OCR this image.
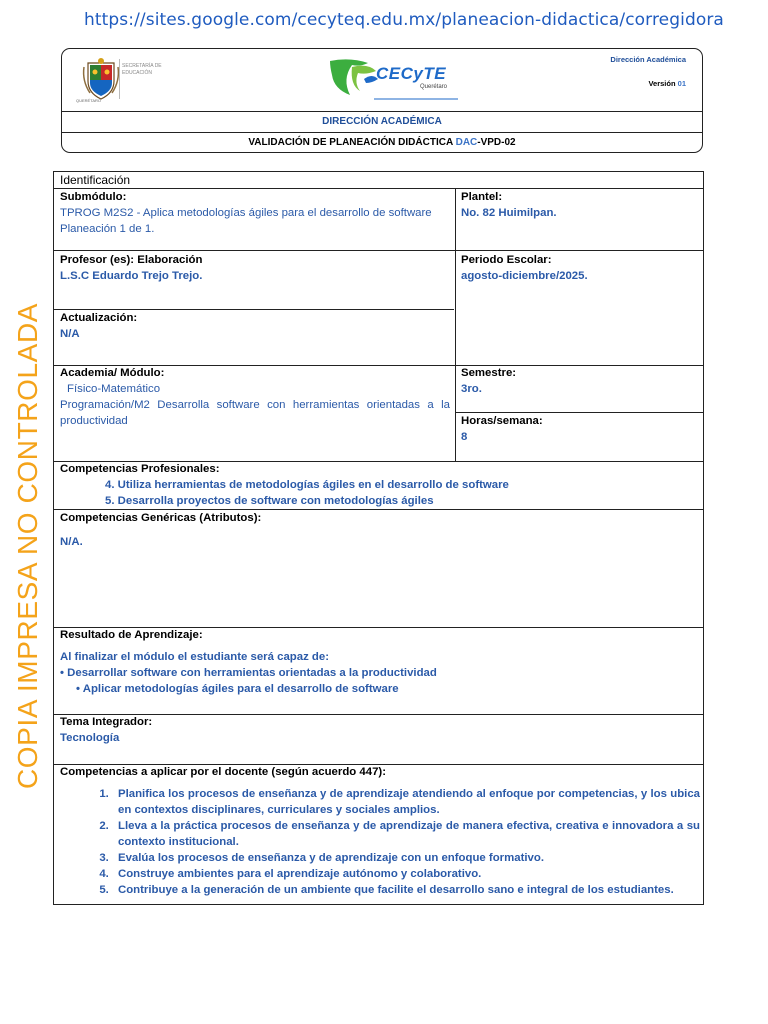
https://sites.google.com/cecyteq.edu.mx/planeacion-didactica/corregidora
COPIA IMPRESA NO CONTROLADA
SECRETARÍA DE EDUCACIÓN
QUERÉTARO
CECyTE
Querétaro
Dirección Académica
Versión 01
DIRECCIÓN ACADÉMICA
VALIDACIÓN DE PLANEACIÓN DIDÁCTICA DAC-VPD-02
Identificación
Submódulo:
TPROG M2S2 - Aplica metodologías ágiles para el desarrollo de software
Planeación 1 de 1.
Plantel:
No. 82 Huimilpan.
Profesor (es): Elaboración
L.S.C Eduardo Trejo Trejo.
Periodo Escolar:
agosto-diciembre/2025.
Actualización:
N/A
Academia/ Módulo:
Físico-Matemático
Programación/M2 Desarrolla software con herramientas orientadas a la productividad
Semestre:
3ro.
Horas/semana:
8
Competencias Profesionales:
4. Utiliza herramientas de metodologías ágiles en el desarrollo de software
5. Desarrolla proyectos de software con metodologías ágiles
Competencias Genéricas (Atributos):
N/A.
Resultado de Aprendizaje:
Al finalizar el módulo el estudiante será capaz de:
• Desarrollar software con herramientas orientadas a la productividad
• Aplicar metodologías ágiles para el desarrollo de software
Tema Integrador:
Tecnología
Competencias a aplicar por el docente (según acuerdo 447):
1. Planifica los procesos de enseñanza y de aprendizaje atendiendo al enfoque por competencias, y los ubica en contextos disciplinares, curriculares y sociales amplios.
2. Lleva a la práctica procesos de enseñanza y de aprendizaje de manera efectiva, creativa e innovadora a su contexto institucional.
3. Evalúa los procesos de enseñanza y de aprendizaje con un enfoque formativo.
4. Construye ambientes para el aprendizaje autónomo y colaborativo.
5. Contribuye a la generación de un ambiente que facilite el desarrollo sano e integral de los estudiantes.
